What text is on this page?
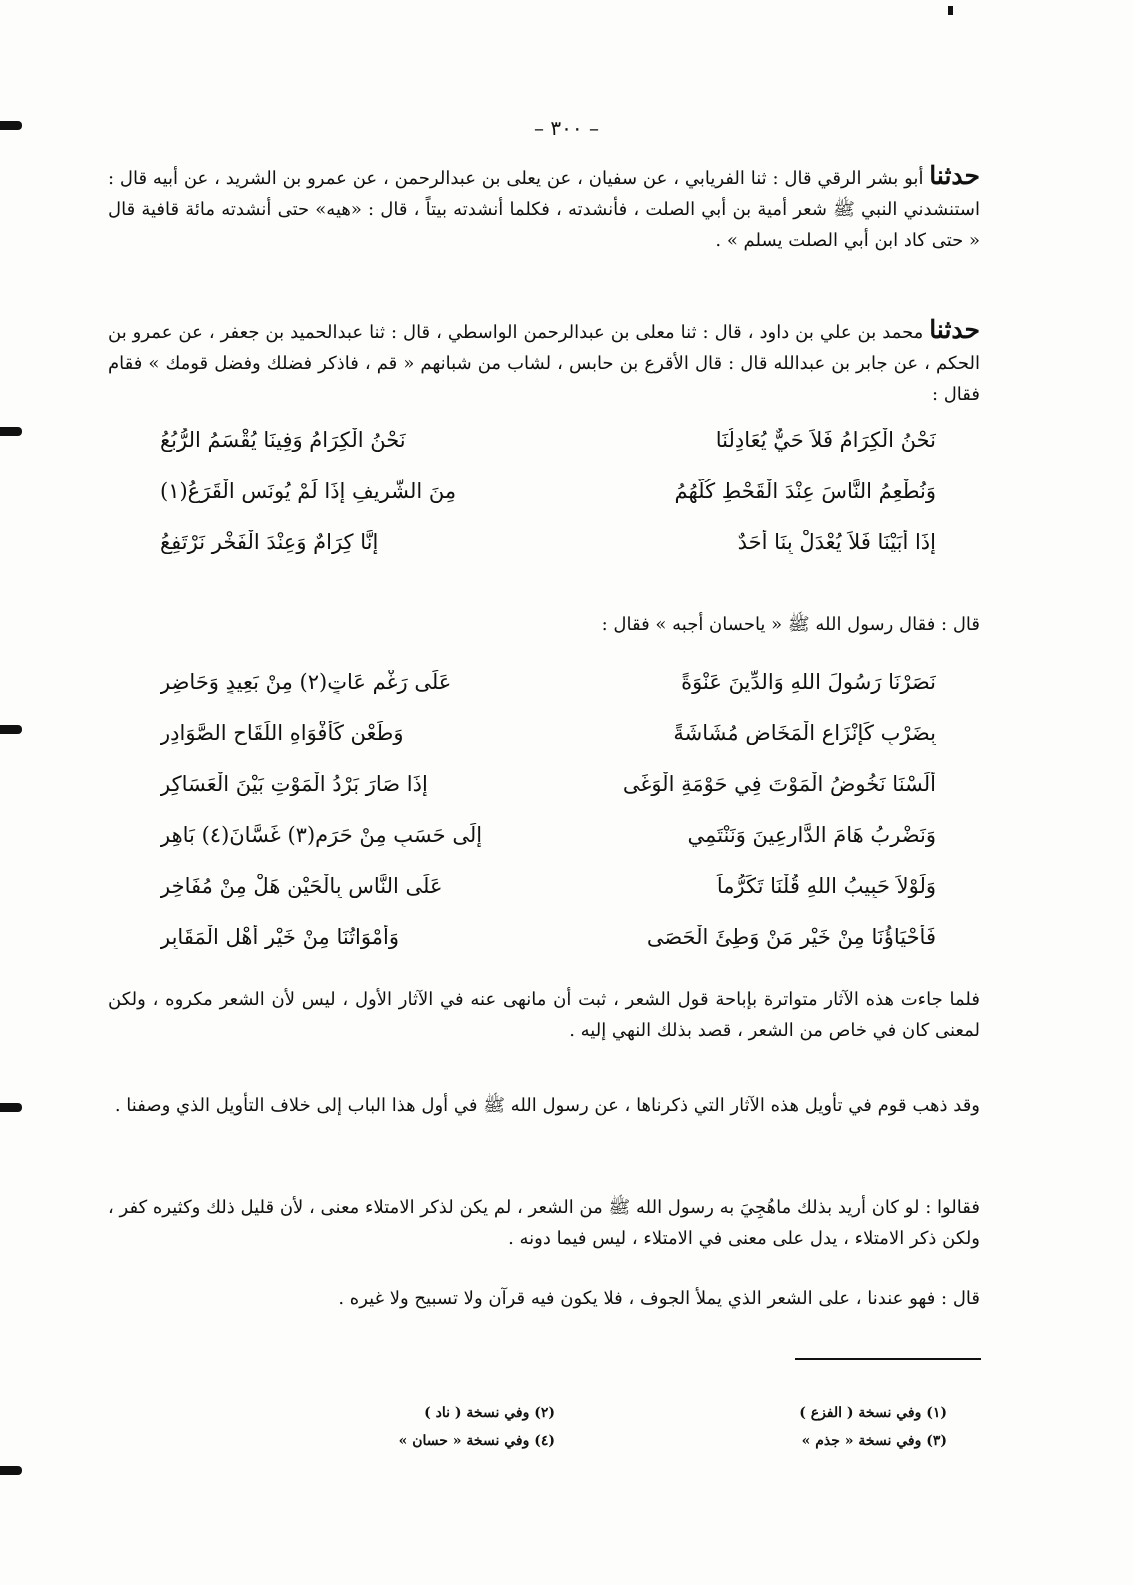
– ٣٠٠ –

حدثنا أبو بشر الرقي قال : ثنا الفريابي ، عن سفيان ، عن يعلى بن عبدالرحمن ، عن عمرو بن الشريد ، عن أبيه قال : استنشدني النبي ﷺ شعر أمية بن أبي الصلت ، فأنشدته ، فكلما أنشدته بيتاً ، قال : «هيه» حتى أنشدته مائة قافية قال « حتى كاد ابن أبي الصلت يسلم » .

حدثنا محمد بن علي بن داود ، قال : ثنا معلى بن عبدالرحمن الواسطي ، قال : ثنا عبدالحميد بن جعفر ، عن عمرو بن الحكم ، عن جابر بن عبدالله قال : قال الأقرع بن حابس ، لشاب من شبانهم « قم ، فاذكر فضلك وفضل قومك » فقام فقال :

نَحْنُ الْكِرَامُ فَلاَ حَيٌّ يُعَادِلُنَا
نَحْنُ الْكِرَامُ وَفِينَا يُقْسَمُ الرُّبُعُ
وَنُطْعِمُ النَّاسَ عِنْدَ الْقَحْطِ كُلَّهُمُ
مِنَ الشَّرِيفِ إِذَا لَمْ يُونَسِ الْقَرَعُ(١)
إِذَا أَبَيْنَا فَلاَ يُعْدَلْ بِنَا أَحَدٌ
إِنَّا كِرَامٌ وَعِنْدَ الْفَخْرِ نَرْتَفِعُ

قال : فقال رسول الله ﷺ « ياحسان أجبه » فقال :

نَصَرْنَا رَسُولَ اللهِ وَالدِّينَ عَنْوَةً
عَلَى رَغْمِ عَاتٍ(٢) مِنْ بَعِيدٍ وَحَاضِرِ
بِضَرْبٍ كَإِنْزَاعِ الْمَخَاضِ مُشَاشَةً
وَطَعْنٍ كَأَفْوَاهِ اللِّقَاحِ الصَّوَادِرِ
أَلَسْنَا نَخُوضُ الْمَوْتَ فِي حَوْمَةِ الْوَغَى
إِذَا صَارَ بَرْدُ الْمَوْتِ بَيْنَ الْعَسَاكِرِ
وَنَضْرِبُ هَامَ الدَّارِعِينَ وَنَنْتَمِي
إِلَى حَسَبٍ مِنْ حَرَمٍ(٣) غَسَّانَ(٤) بَاهِرِ
وَلَوْلاَ حَبِيبُ اللهِ قُلْنَا تَكَرُّماً
عَلَى النَّاسِ بِالْحَيْنِ هَلْ مِنْ مُفَاخِرِ
فَأَحْيَاؤُنَا مِنْ خَيْرِ مَنْ وَطِئَ الْحَصَى
وَأَمْوَاتُنَا مِنْ خَيْرِ أَهْلِ الْمَقَابِرِ

فلما جاءت هذه الآثار متواترة بإباحة قول الشعر ، ثبت أن مانهى عنه في الآثار الأول ، ليس لأن الشعر مكروه ، ولكن لمعنى كان في خاص من الشعر ، قصد بذلك النهي إليه .

وقد ذهب قوم في تأويل هذه الآثار التي ذكرناها ، عن رسول الله ﷺ في أول هذا الباب إلى خلاف التأويل الذي وصفنا .

فقالوا : لو كان أريد بذلك ماهُجِيَ به رسول الله ﷺ من الشعر ، لم يكن لذكر الامتلاء معنى ، لأن قليل ذلك وكثيره كفر ، ولكن ذكر الامتلاء ، يدل على معنى في الامتلاء ، ليس فيما دونه .

قال : فهو عندنا ، على الشعر الذي يملأ الجوف ، فلا يكون فيه قرآن ولا تسبيح ولا غيره .

(١) وفي نسخة ( الفزع )
(٢) وفي نسخة ( ناد )
(٣) وفي نسخة « جذم »
(٤) وفي نسخة « حسان »
